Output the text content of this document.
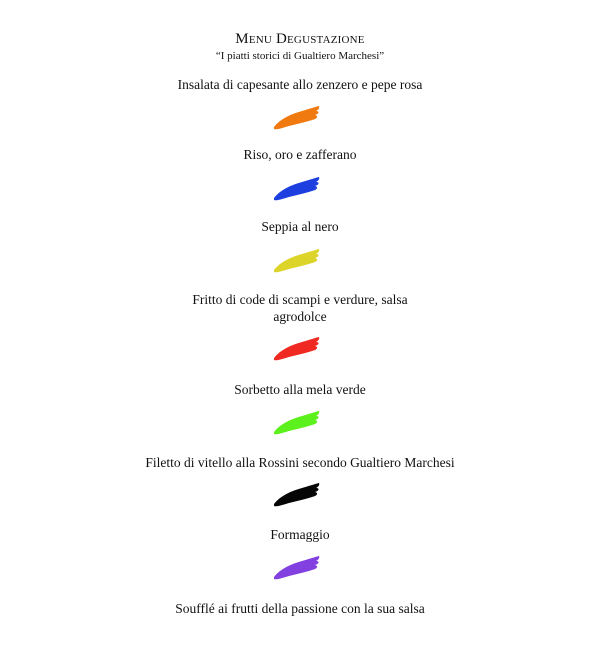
Menu Degustazione
“I piatti storici di Gualtiero Marchesi”
Insalata di capesante allo zenzero e pepe rosa
Riso, oro e zafferano
Seppia al nero
Fritto di code di scampi e verdure, salsa agrodolce
Sorbetto alla mela verde
Filetto di vitello alla Rossini secondo Gualtiero Marchesi
Formaggio
Soufflé ai frutti della passione con la sua salsa
